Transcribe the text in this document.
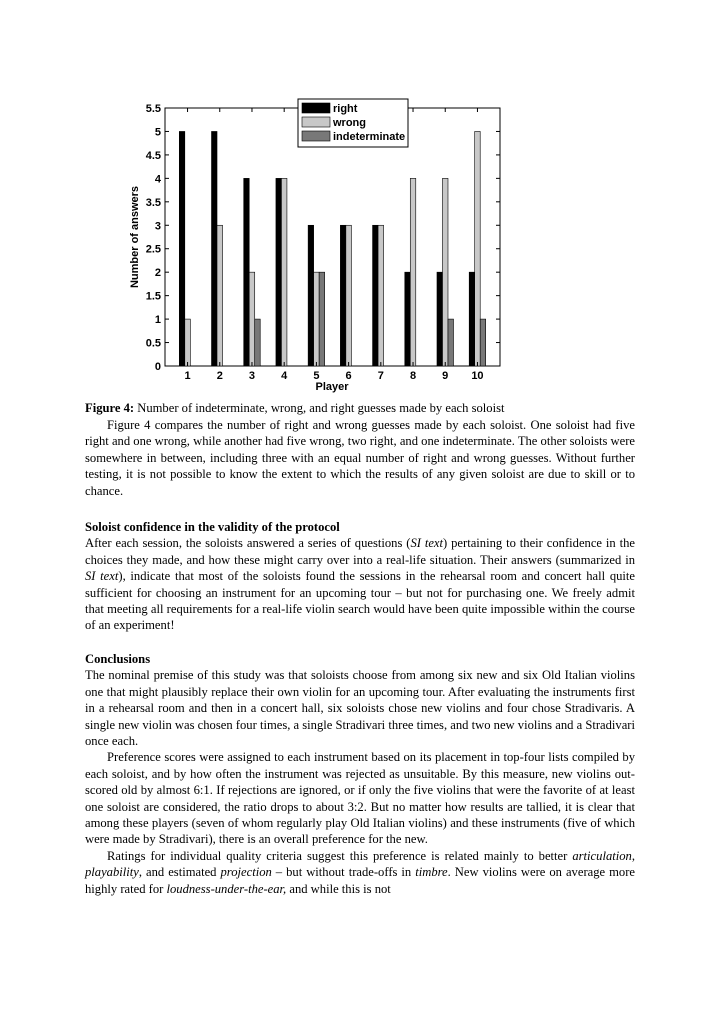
0
0.5
1
1.5
2
2.5
3
3.5
4
4.5
5
5.5
1 2 3 4 5 6 7 8 9 10
Number of answers
Player
right
wrong
indeterminate
Figure 4: Number of indeterminate, wrong, and right guesses made by each soloist

Figure 4 compares the number of right and wrong guesses made by each soloist. One soloist had five right and one wrong, while another had five wrong, two right, and one indeterminate. The other soloists were somewhere in between, including three with an equal number of right and wrong guesses. Without further testing, it is not possible to know the extent to which the results of any given soloist are due to skill or to chance.

Soloist confidence in the validity of the protocol

After each session, the soloists answered a series of questions (SI text) pertaining to their confidence in the choices they made, and how these might carry over into a real-life situation. Their answers (summarized in SI text), indicate that most of the soloists found the sessions in the rehearsal room and concert hall quite sufficient for choosing an instrument for an upcoming tour – but not for purchasing one. We freely admit that meeting all requirements for a real-life violin search would have been quite impossible within the course of an experiment!

Conclusions

The nominal premise of this study was that soloists choose from among six new and six Old Italian violins one that might plausibly replace their own violin for an upcoming tour. After evaluating the instruments first in a rehearsal room and then in a concert hall, six soloists chose new violins and four chose Stradivaris. A single new violin was chosen four times, a single Stradivari three times, and two new violins and a Stradivari once each.

Preference scores were assigned to each instrument based on its placement in top-four lists compiled by each soloist, and by how often the instrument was rejected as unsuitable. By this measure, new violins out-scored old by almost 6:1. If rejections are ignored, or if only the five violins that were the favorite of at least one soloist are considered, the ratio drops to about 3:2. But no matter how results are tallied, it is clear that among these players (seven of whom regularly play Old Italian violins) and these instruments (five of which were made by Stradivari), there is an overall preference for the new.

Ratings for individual quality criteria suggest this preference is related mainly to better articulation, playability, and estimated projection – but without trade-offs in timbre. New violins were on average more highly rated for loudness-under-the-ear, and while this is not
